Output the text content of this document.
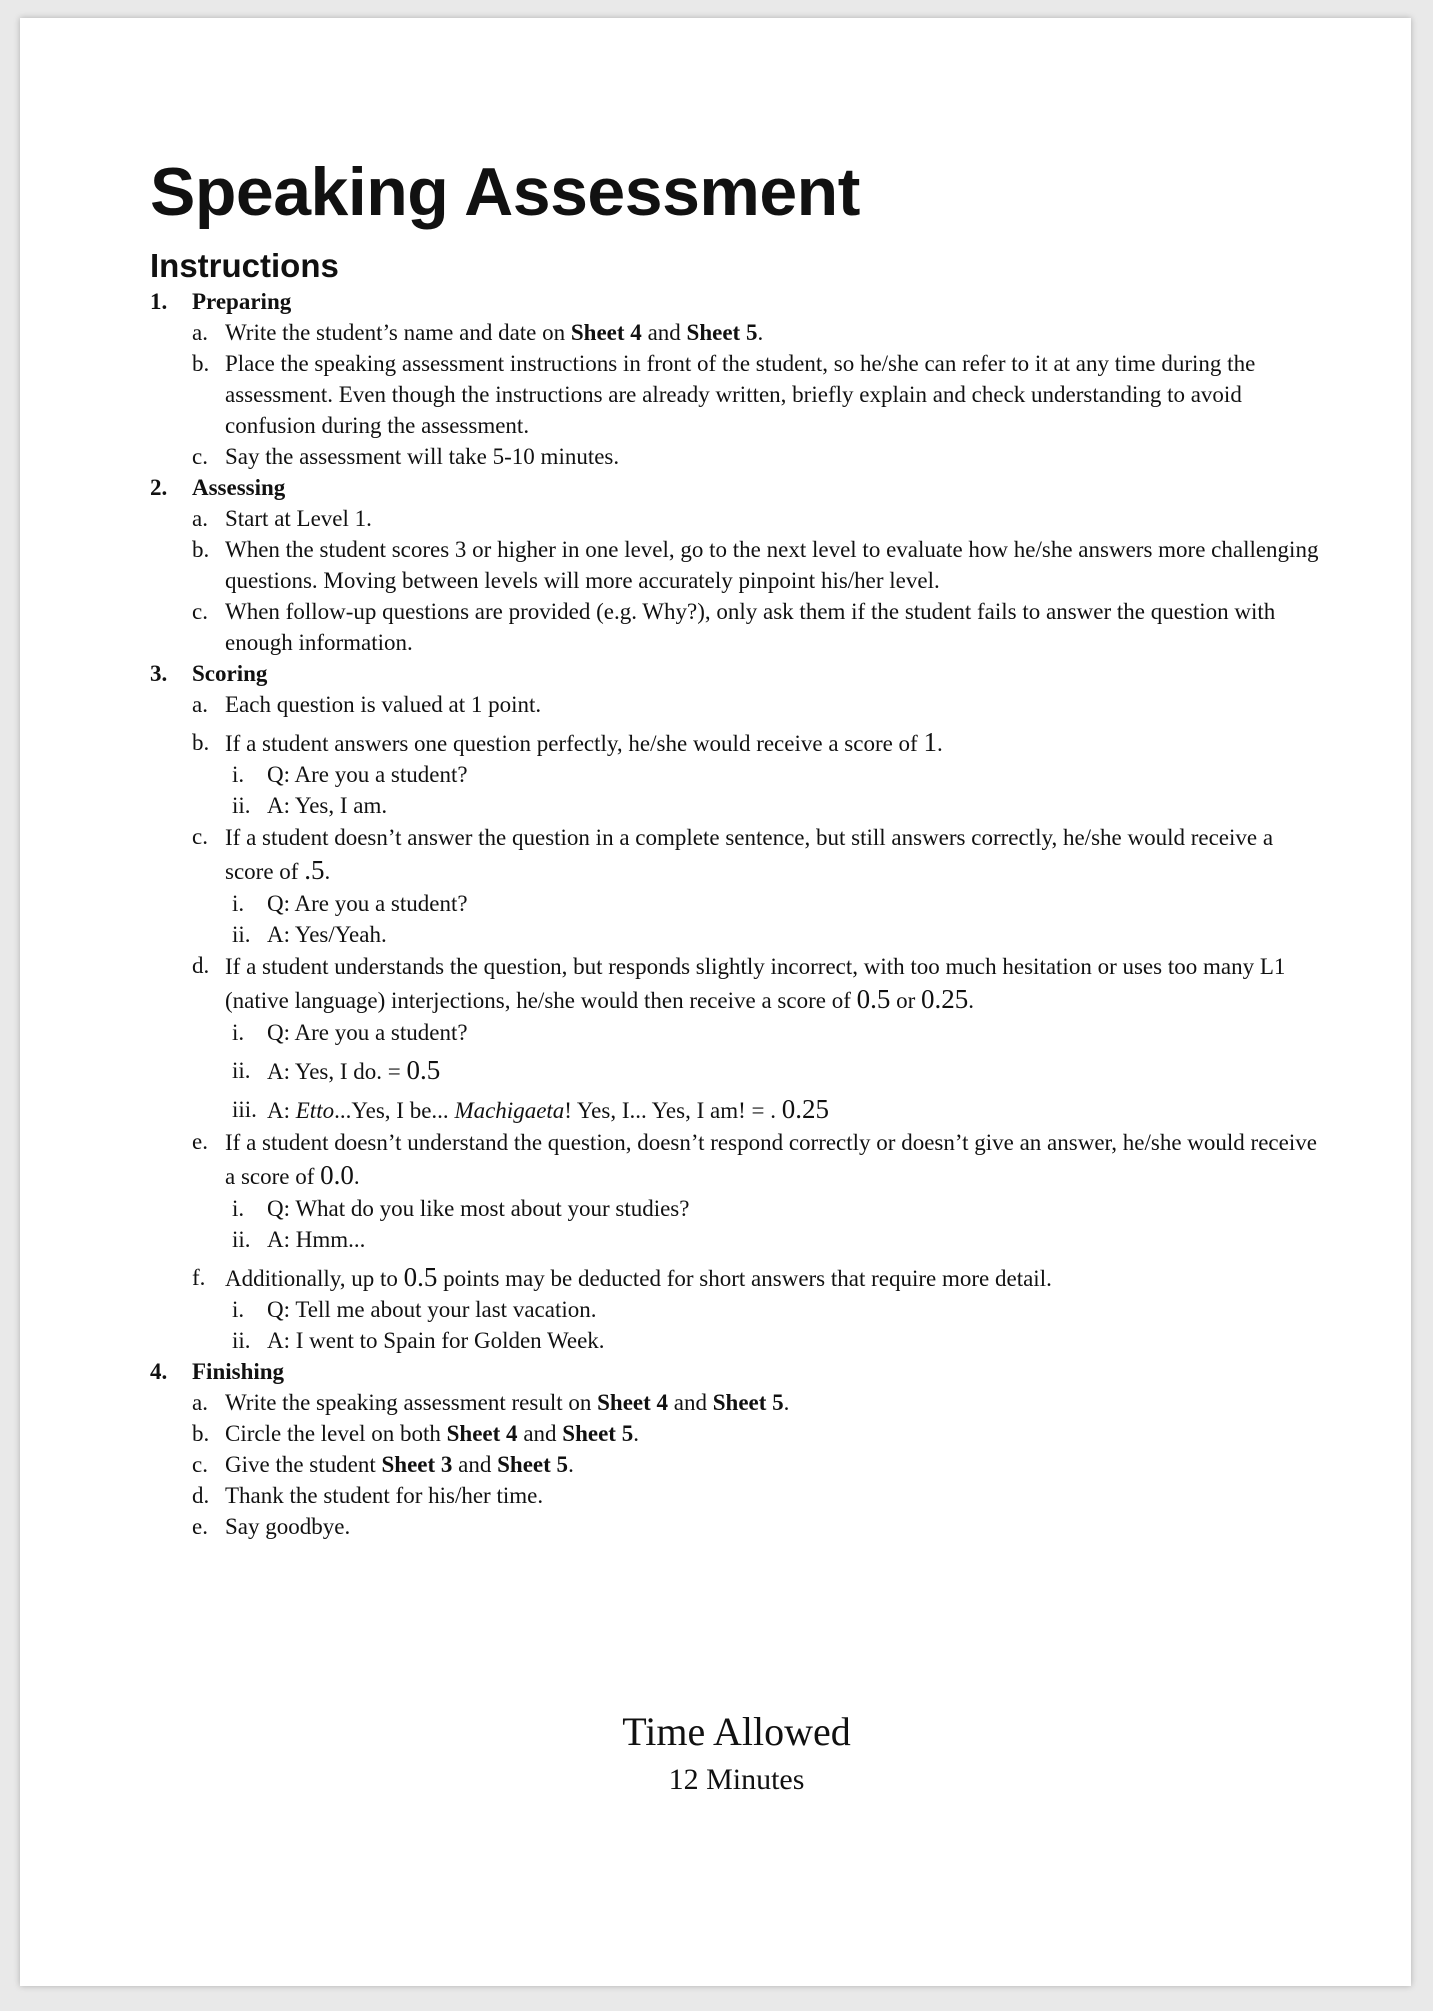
Speaking Assessment
Instructions
1.	Preparing
a. Write the student’s name and date on Sheet 4 and Sheet 5.
b. Place the speaking assessment instructions in front of the student, so he/she can refer to it at any time during the assessment. Even though the instructions are already written, briefly explain and check understanding to avoid confusion during the assessment.
c. Say the assessment will take 5-10 minutes.
2.	Assessing
a. Start at Level 1.
b. When the student scores 3 or higher in one level, go to the next level to evaluate how he/she answers more challenging questions. Moving between levels will more accurately pinpoint his/her level.
c. When follow-up questions are provided (e.g. Why?), only ask them if the student fails to answer the question with enough information.
3.	Scoring
a. Each question is valued at 1 point.
b. If a student answers one question perfectly, he/she would receive a score of 1.
i. Q: Are you a student?
ii. A: Yes, I am.
c. If a student doesn’t answer the question in a complete sentence, but still answers correctly, he/she would receive a score of .5.
i. Q: Are you a student?
ii. A: Yes/Yeah.
d. If a student understands the question, but responds slightly incorrect, with too much hesitation or uses too many L1 (native language) interjections, he/she would then receive a score of 0.5 or 0.25.
i. Q: Are you a student?
ii. A: Yes, I do. = 0.5
iii. A: Etto...Yes, I be... Machigaeta! Yes, I... Yes, I am! = . 0.25
e. If a student doesn’t understand the question, doesn’t respond correctly or doesn’t give an answer, he/she would receive a score of 0.0.
i. Q: What do you like most about your studies?
ii. A: Hmm...
f. Additionally, up to 0.5 points may be deducted for short answers that require more detail.
i. Q: Tell me about your last vacation.
ii. A: I went to Spain for Golden Week.
4.	Finishing
a. Write the speaking assessment result on Sheet 4 and Sheet 5.
b. Circle the level on both Sheet 4 and Sheet 5.
c. Give the student Sheet 3 and Sheet 5.
d. Thank the student for his/her time.
e. Say goodbye.
Time Allowed
12 Minutes
